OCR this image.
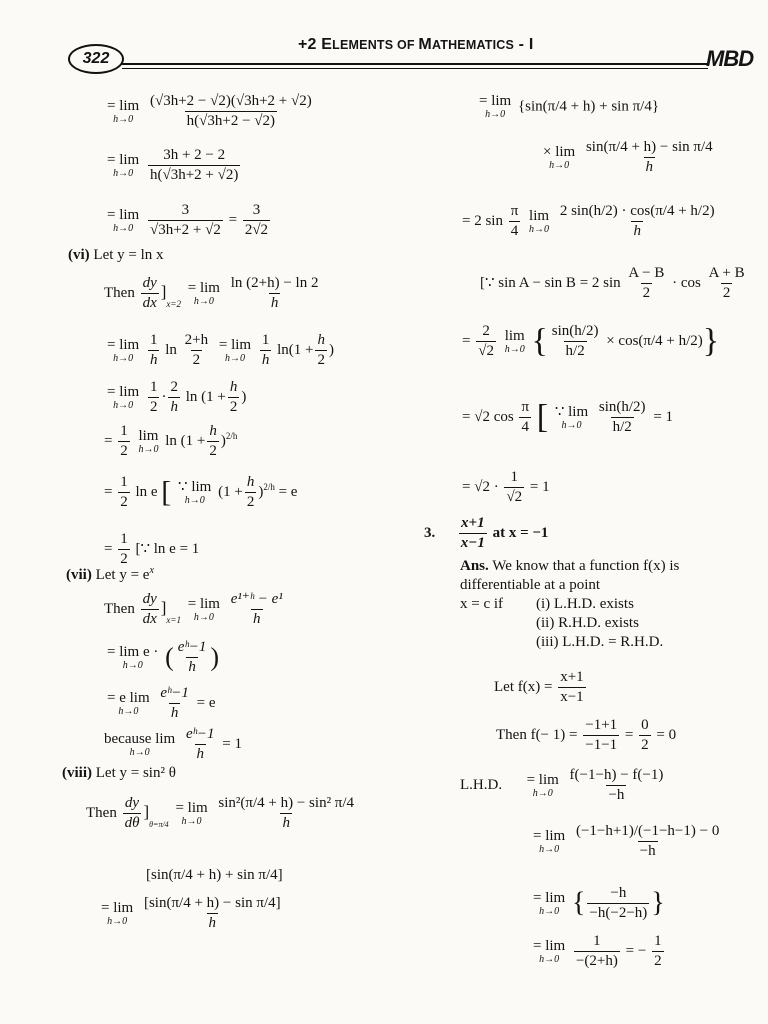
322
+2 ELEMENTS OF MATHEMATICS - I
MBD
= lim
h→0
$\frac{(√3h+2 - √2)(√3h+2 + √2)}{h(√3h+2 - √2)}$
= lim
h→0
$\frac{3h + 2 - 2}{h(√3h+2 + √2)}$
= lim
h→0
$\frac{3}{√3h+2 + √2} = \frac{3}{2√2}$
(vi) Let y = ln x
Then $\frac{dy}{dx} ]_{x=2}$
= lim
h→0
$\frac{\ln (2+h) - \ln 2}{h}$
= lim
h→0
$\frac{1}{h}$ $\ln \frac{2+h}{2}$
= lim
h→0
$\frac{1}{h} \ln(1 + \frac{h}{2}$ )
= lim
h→0
$\frac{1}{2} \cdot \frac{2}{h}$ $\ln (1 + \frac{h}{2}$ )
= $\frac{1}{2}$
lim
h→0
$\ln (1 + \frac{h}{2} )^{2/h}$
= $\frac{1}{2}$ ln e [ ∵ lim
h→0
$(1 + \frac{h}{2} )^{2/h} = e$
= $\frac{1}{2}$ [∵ ln e = 1
(vii) Let $y = e^x$
Then $\frac{dy}{dx} ]_{x=1}$
= lim
h→0
$\frac{\text{e¹⁺ʰ − e¹}}{h}$
= lim e ·
h→0 ( $\frac{\text{eʰ−1}}{h}$ )
= e lim
h→0
$\frac{\text{eʰ−1}}{h} = e$
because lim
h→0
$\frac{\text{eʰ−1}}{h} = 1$
(viii) Let y = sin² θ
Then $\frac{dy}{d\theta} ]_{\theta=\pi/4}$
= lim
h→0
$\frac{\text{sin²(π/4 + h) − sin² π/4}}{h}$
[sin(π/4 + h) + sin π/4]
= lim
h→0
$\frac{\text{[sin(π/4 + h) − sin π/4]}}{h}$
= lim
h→0
{sin(π/4 + h) + sin π/4}
× lim
h→0
$\frac{\text{sin(π/4 + h) − sin π/4}}{h}$
= 2 $\sin \frac{\pi}{4}$
lim
h→0
$\frac{2 \sin(h/2) \cdot \cos(\pi/4 + h/2)}{h}$
[∵ sin A − sin B = 2 $\sin \frac{A - B}{2} \cdot \cos \frac{A + B}{2}$
= $\frac{2}{√2}$
lim
h→0 { $\frac{\sin(h/2)}{h/2} \times \cos(\pi/4 + h/2)$}
= √2 $\cos \frac{\pi}{4}$ [ ∵ lim
h→0
$\frac{\sin(h/2)}{h/2} = 1$
= $√2 \cdot \frac{1}{√2} = 1$
3. $\frac{x+1}{x-1}$ at x = −1
Ans. We know that a function f(x) is
differentiable at a point
x = c if (i) L.H.D. exists
(ii) R.H.D. exists
(iii) L.H.D. = R.H.D.
Let $f(x) = \frac{x+1}{x-1}$
Then $f(- 1) = \frac{-1+1}{-1-1} = \frac{0}{2} = 0$
L.H.D. = lim
h→0
$\frac{f(-1-h) - f(-1)}{-h}$
= lim
h→0
$\frac{(-1-h+1)/(-1-h-1) - 0}{-h}$
= lim
h→0 { $\frac{-h}{-h(-2-h)}$ }
= lim
h→0
$\frac{1}{-(2+h)}$ = − $\frac{1}{2}$
